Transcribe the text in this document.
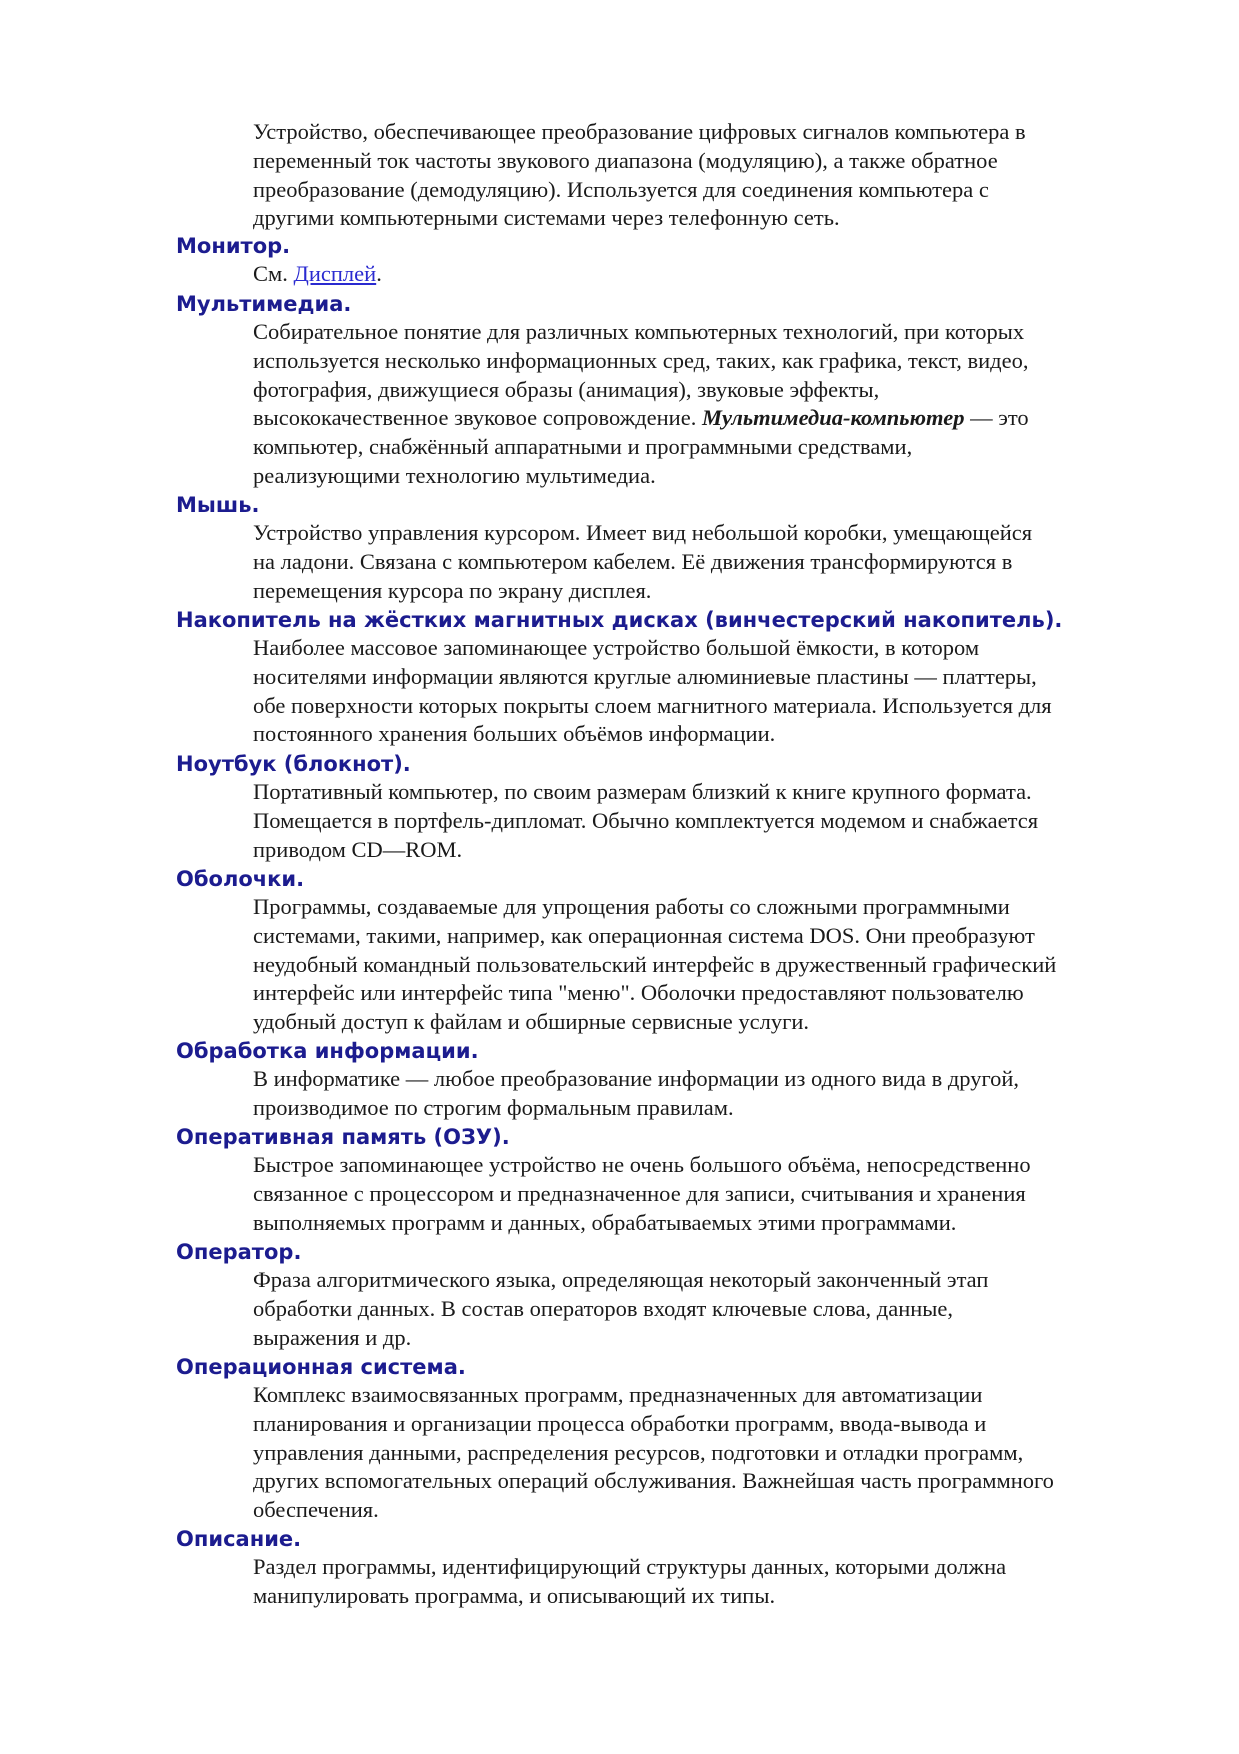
Устройство, обеспечивающее преобразование цифровых сигналов компьютера в
переменный ток частоты звукового диапазона (модуляцию), а также обратное
преобразование (демодуляцию). Используется для соединения компьютера с
другими компьютерными системами через телефонную сеть.

Монитор.

См. Дисплей.

Мультимедиа.

Собирательное понятие для различных компьютерных технологий, при которых
используется несколько информационных сред, таких, как графика, текст, видео,
фотография, движущиеся образы (анимация), звуковые эффекты,
высококачественное звуковое сопровождение. Мультимедиа-компьютер — это
компьютер, снабжённый аппаратными и программными средствами,
реализующими технологию мультимедиа.

Мышь.

Устройство управления курсором. Имеет вид небольшой коробки, умещающейся
на ладони. Связана с компьютером кабелем. Её движения трансформируются в
перемещения курсора по экрану дисплея.

Накопитель на жёстких магнитных дисках (винчестерский накопитель).

Наиболее массовое запоминающее устройство большой ёмкости, в котором
носителями информации являются круглые алюминиевые пластины — платтеры,
обе поверхности которых покрыты слоем магнитного материала. Используется для
постоянного хранения больших объёмов информации.

Ноутбук (блокнот).

Портативный компьютер, по своим размерам близкий к книге крупного формата.
Помещается в портфель-дипломат. Обычно комплектуется модемом и снабжается
приводом CD—ROM.

Оболочки.

Программы, создаваемые для упрощения работы со сложными программными
системами, такими, например, как операционная система DOS. Они преобразуют
неудобный командный пользовательский интерфейс в дружественный графический
интерфейс или интерфейс типа "меню". Оболочки предоставляют пользователю
удобный доступ к файлам и обширные сервисные услуги.

Обработка информации.

В информатике — любое преобразование информации из одного вида в другой,
производимое по строгим формальным правилам.

Оперативная память (ОЗУ).

Быстрое запоминающее устройство не очень большого объёма, непосредственно
связанное с процессором и предназначенное для записи, считывания и хранения
выполняемых программ и данных, обрабатываемых этими программами.

Оператор.

Фраза алгоритмического языка, определяющая некоторый законченный этап
обработки данных. В состав операторов входят ключевые слова, данные,
выражения и др.

Операционная система.

Комплекс взаимосвязанных программ, предназначенных для автоматизации
планирования и организации процесса обработки программ, ввода-вывода и
управления данными, распределения ресурсов, подготовки и отладки программ,
других вспомогательных операций обслуживания. Важнейшая часть программного
обеспечения.

Описание.

Раздел программы, идентифицирующий структуры данных, которыми должна
манипулировать программа, и описывающий их типы.
